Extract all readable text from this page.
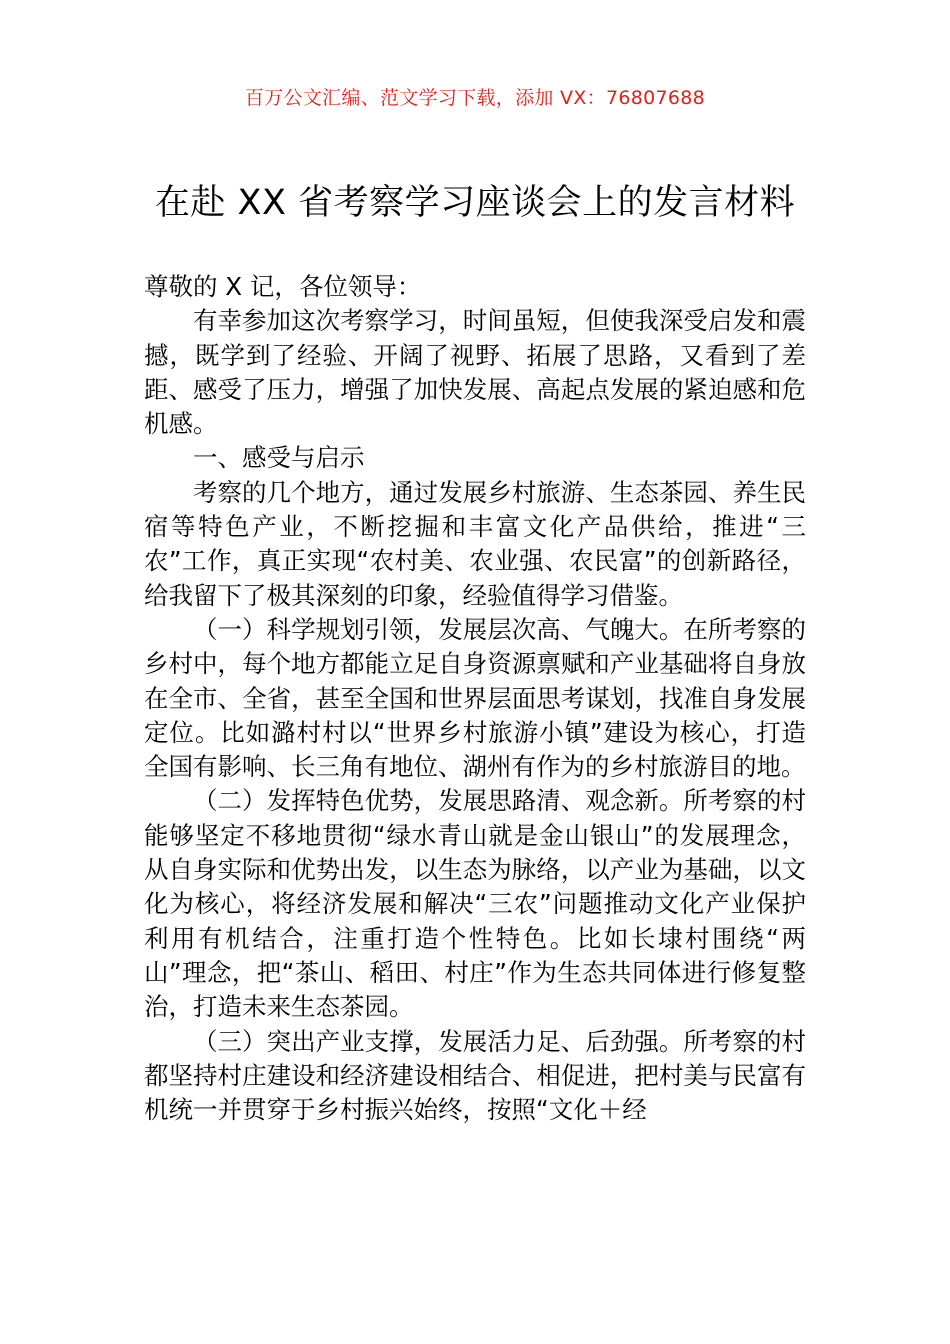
百万公文汇编、范文学习下载，添加 VX：76807688
在赴 XX 省考察学习座谈会上的发言材料

尊敬的 X 记，各位领导：

有幸参加这次考察学习，时间虽短，但使我深受启发和震撼，既学到了经验、开阔了视野、拓展了思路，又看到了差距、感受了压力，增强了加快发展、高起点发展的紧迫感和危机感。

一、感受与启示

考察的几个地方，通过发展乡村旅游、生态茶园、养生民宿等特色产业，不断挖掘和丰富文化产品供给，推进“三农”工作，真正实现“农村美、农业强、农民富”的创新路径，给我留下了极其深刻的印象，经验值得学习借鉴。

（一）科学规划引领，发展层次高、气魄大。在所考察的乡村中，每个地方都能立足自身资源禀赋和产业基础将自身放在全市、全省，甚至全国和世界层面思考谋划，找准自身发展定位。比如潞村村以“世界乡村旅游小镇”建设为核心，打造全国有影响、长三角有地位、湖州有作为的乡村旅游目的地。

（二）发挥特色优势，发展思路清、观念新。所考察的村能够坚定不移地贯彻“绿水青山就是金山银山”的发展理念，从自身实际和优势出发，以生态为脉络，以产业为基础，以文化为核心，将经济发展和解决“三农”问题推动文化产业保护利用有机结合，注重打造个性特色。比如长埭村围绕“两山”理念，把“茶山、稻田、村庄”作为生态共同体进行修复整治，打造未来生态茶园。

（三）突出产业支撑，发展活力足、后劲强。所考察的村都坚持村庄建设和经济建设相结合、相促进，把村美与民富有机统一并贯穿于乡村振兴始终，按照“文化＋经
